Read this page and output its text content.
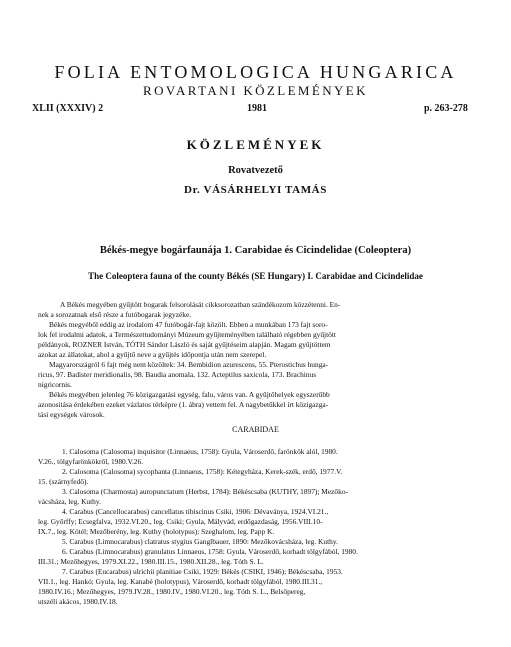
FOLIA ENTOMOLOGICA HUNGARICA
ROVARTANI KÖZLEMÉNYEK
XLII (XXXIV) 2	1981	p. 263-278
KÖZLEMÉNYEK
Rovatvezető
Dr. VÁSÁRHELYI TAMÁS
Békés-megye bogárfaunája 1. Carabidae és Cicindelidae (Coleoptera)
The Coleoptera fauna of the county Békés (SE Hungary) I. Carabidae and Cicindelidae
A Békés megyében gyűjtött bogarak felsorolását cikksorozatban szándékozom közzétenni. En-
nek a sorozatnak első része a futóbogarak jegyzéke.
Békés megyéből eddig az irodalom 47 futóbogár-fajt közölt. Ebben a munkában 173 fajt soro-
lok fel irodalmi adatok, a Természettudományi Múzeum gyűjteményében található régebben gyűjtött
példányok, ROZNER István, TÓTH Sándor László és saját gyűjtéseim alapján. Magam gyűjtöttem
azokat az állatokat, ahol a gyűjtő neve a gyűjtés időpontja után nem szerepel.
Magyarországról 6 fajt még nem közöltek: 34. Bembidion azurescens, 55. Pterostichus hunga-
ricus, 97. Badister meridionalis, 98. Baudia anomala, 132. Acteptilus saxicola, 173. Brachinus
nigricornis.
Békés megyében jelenleg 76 közigazgatási egység, falu, város van. A gyűjtőhelyek egyszerűbb
azonosítása érdekében ezeket vázlatos térképre (1. ábra) vettem fel. A nagybetűkkel írt közigazga-
tási egységek városok.
CARABIDAE
1. Calosoma (Calosoma) inquisitor (Linnaeus, 1758): Gyula, Városerdő, farönkök alól, 1980.
V.26., tölgyfarönkökről, 1980.V.26.
2. Calosoma (Calosoma) sycophanta (Linnaeus, 1758): Kétegyháza, Kerek-szék, erdő, 1977.V.
15. (szárnyfedő).
3. Calosoma (Charmosta) auropunctatum (Herbst, 1784): Békéscsaba (KUTHY, 1897); Mezőko-
vácsháza, leg. Kuthy.
4. Carabus (Cancellocarabus) cancellatus tibiscinus Csiki, 1906: Dévaványa, 1924.VI.21.,
leg. Győrffy; Ecsegfalva, 1932.VI.20., leg. Csiki; Gyula, Mályvád, erdőgazdaság, 1956.VIII.10-
IX.7., leg. Kötél; Mezőberény, leg. Kuthy (holotypus); Szeghalom, leg. Papp K.
5. Carabus (Limnocarabus) clatratus stygius Ganglbauer, 1890: Mezőkovácsháza, leg. Kuthy.
6. Carabus (Limnocarabus) granulatus Linnaeus, 1758: Gyula, Városerdő, korhadt tölgyfából, 1980.
III.31.; Mezőhegyes, 1979.XI.22., 1980.III.15., 1980.XII.28., leg. Tóth S. L.
7. Carabus (Eucarabus) ulrichii planitiae Csiki, 1929: Békés (CSIKI, 1946); Békéscsaba, 1953.
VII.1., leg. Hankó; Gyula, leg. Kanabé (holotypus), Városerdő, korhadt tölgyfából, 1980.III.31.,
1980.IV.16.; Mezőhegyes, 1979.IV.28., 1980.IV., 1980.VI.20., leg. Tóth S. L., Belsőpereg,
utszéli akácos, 1980.IV.18.
